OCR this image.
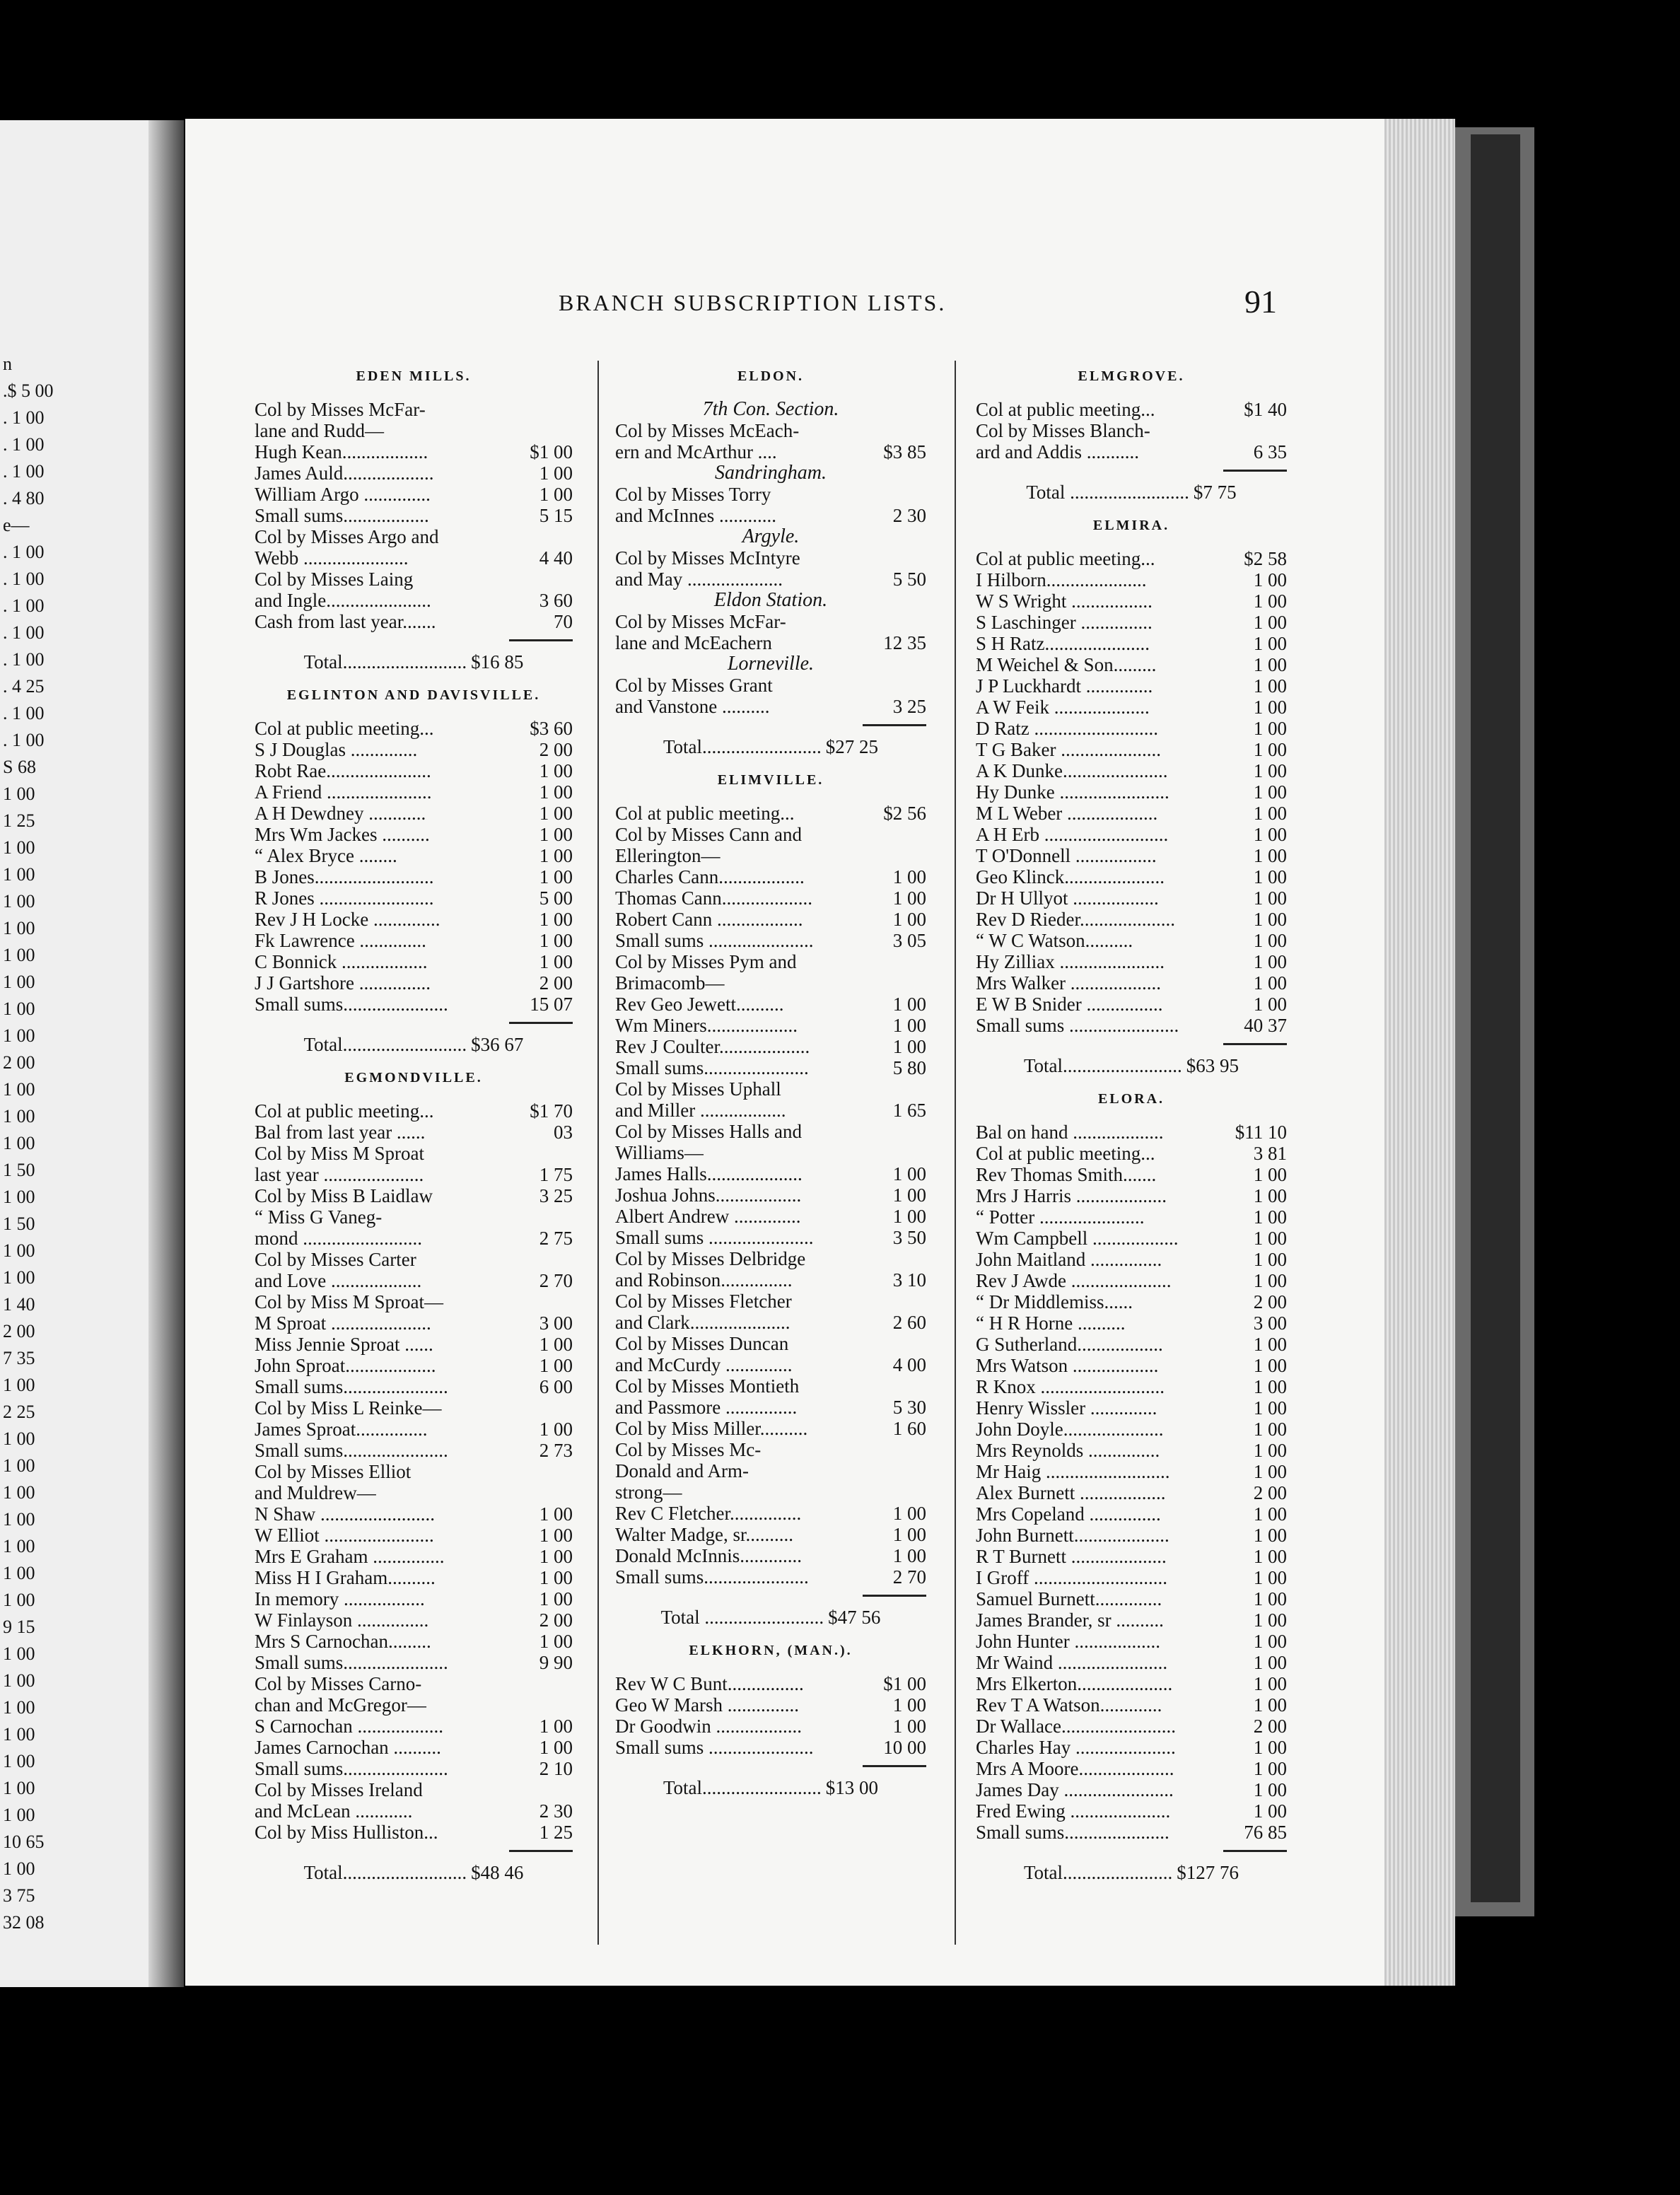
BRANCH SUBSCRIPTION LISTS.	91
EDEN MILLS.
Col by Misses McFar-
lane and Rudd—
Hugh Kean..................	$1 00
James Auld...................	1 00
William Argo ..............	1 00
Small sums..................	5 15
Col by Misses Argo and
Webb ......................	4 40
Col by Misses Laing
and Ingle......................	3 60
Cash from last year.......	70
Total.......................... $16 85
EGLINTON AND DAVISVILLE.
Col at public meeting...	$3 60
S J Douglas ..............	2 00
Robt Rae......................	1 00
A Friend ......................	1 00
A H Dewdney ............	1 00
Mrs Wm Jackes ..........	1 00
“ Alex Bryce ........	1 00
B Jones.........................	1 00
R Jones ........................	5 00
Rev J H Locke ..............	1 00
Fk Lawrence ..............	1 00
C Bonnick ..................	1 00
J J Gartshore ...............	2 00
Small sums......................	15 07
Total.......................... $36 67
EGMONDVILLE.
Col at public meeting...	$1 70
Bal from last year ......	03
Col by Miss M Sproat
last year .....................	1 75
Col by Miss B Laidlaw	3 25
“ Miss G Vaneg-
mond .........................	2 75
Col by Misses Carter
and Love ...................	2 70
Col by Miss M Sproat—
M Sproat .....................	3 00
Miss Jennie Sproat ......	1 00
John Sproat...................	1 00
Small sums......................	6 00
Col by Miss L Reinke—
James Sproat...............	1 00
Small sums......................	2 73
Col by Misses Elliot
and Muldrew—
N Shaw ........................	1 00
W Elliot .......................	1 00
Mrs E Graham ...............	1 00
Miss H I Graham..........	1 00
In memory .................	1 00
W Finlayson ...............	2 00
Mrs S Carnochan.........	1 00
Small sums......................	9 90
Col by Misses Carno-
chan and McGregor—
S Carnochan ..................	1 00
James Carnochan ..........	1 00
Small sums......................	2 10
Col by Misses Ireland
and McLean ............	2 30
Col by Miss Hulliston...	1 25
Total.......................... $48 46
ELDON.
7th Con. Section.
Col by Misses McEach-
ern and McArthur ....	$3 85
Sandringham.
Col by Misses Torry
and McInnes ............	2 30
Argyle.
Col by Misses McIntyre
and May ....................	5 50
Eldon Station.
Col by Misses McFar-
lane and McEachern	12 35
Lorneville.
Col by Misses Grant
and Vanstone ..........	3 25
Total......................... $27 25
ELIMVILLE.
Col at public meeting...	$2 56
Col by Misses Cann and
Ellerington—
Charles Cann..................	1 00
Thomas Cann...................	1 00
Robert Cann ..................	1 00
Small sums ......................	3 05
Col by Misses Pym and
Brimacomb—
Rev Geo Jewett..........	1 00
Wm Miners...................	1 00
Rev J Coulter...................	1 00
Small sums......................	5 80
Col by Misses Uphall
and Miller ..................	1 65
Col by Misses Halls and
Williams—
James Halls....................	1 00
Joshua Johns..................	1 00
Albert Andrew ..............	1 00
Small sums ......................	3 50
Col by Misses Delbridge
and Robinson...............	3 10
Col by Misses Fletcher
and Clark.....................	2 60
Col by Misses Duncan
and McCurdy ..............	4 00
Col by Misses Montieth
and Passmore ...............	5 30
Col by Miss Miller..........	1 60
Col by Misses Mc-
Donald and Arm-
strong—
Rev C Fletcher...............	1 00
Walter Madge, sr..........	1 00
Donald McInnis.............	1 00
Small sums......................	2 70
Total ......................... $47 56
ELKHORN, (MAN.).
Rev W C Bunt................	$1 00
Geo W Marsh ...............	1 00
Dr Goodwin ..................	1 00
Small sums ......................	10 00
Total......................... $13 00
ELMGROVE.
Col at public meeting...	$1 40
Col by Misses Blanch-
ard and Addis ...........	6 35
Total ......................... $7 75
ELMIRA.
Col at public meeting...	$2 58
I Hilborn.....................	1 00
W S Wright .................	1 00
S Laschinger ...............	1 00
S H Ratz......................	1 00
M Weichel & Son.........	1 00
J P Luckhardt ..............	1 00
A W Feik ....................	1 00
D Ratz ..........................	1 00
T G Baker .....................	1 00
A K Dunke......................	1 00
Hy Dunke .......................	1 00
M L Weber ...................	1 00
A H Erb ..........................	1 00
T O'Donnell .................	1 00
Geo Klinck.....................	1 00
Dr H Ullyot ..................	1 00
Rev D Rieder....................	1 00
“ W C Watson..........	1 00
Hy Zilliax ......................	1 00
Mrs Walker ...................	1 00
E W B Snider ................	1 00
Small sums .......................	40 37
Total......................... $63 95
ELORA.
Bal on hand ...................	$11 10
Col at public meeting...	3 81
Rev Thomas Smith.......	1 00
Mrs J Harris ...................	1 00
“ Potter ......................	1 00
Wm Campbell ..................	1 00
John Maitland ...............	1 00
Rev J Awde .....................	1 00
“ Dr Middlemiss......	2 00
“ H R Horne ..........	3 00
G Sutherland..................	1 00
Mrs Watson ..................	1 00
R Knox ..........................	1 00
Henry Wissler ..............	1 00
John Doyle.....................	1 00
Mrs Reynolds ...............	1 00
Mr Haig ..........................	1 00
Alex Burnett ..................	2 00
Mrs Copeland ...............	1 00
John Burnett....................	1 00
R T Burnett ....................	1 00
I Groff ............................	1 00
Samuel Burnett..............	1 00
James Brander, sr ..........	1 00
John Hunter ..................	1 00
Mr Waind .......................	1 00
Mrs Elkerton....................	1 00
Rev T A Watson.............	1 00
Dr Wallace........................	2 00
Charles Hay .....................	1 00
Mrs A Moore....................	1 00
James Day .......................	1 00
Fred Ewing .....................	1 00
Small sums......................	76 85
Total....................... $127 76
n
.$ 5 00
. 1 00
. 1 00
. 1 00
. 4 80
e—
. 1 00
. 1 00
. 1 00
. 1 00
. 1 00
. 4 25
. 1 00
. 1 00
S 68
1 00
1 25
1 00
1 00
1 00
1 00
1 00
1 00
1 00
1 00
2 00
1 00
1 00
1 00
1 50
1 00
1 50
1 00
1 00
1 40
2 00
7 35
1 00
2 25
1 00
1 00
1 00
1 00
1 00
1 00
1 00
9 15
1 00
1 00
1 00
1 00
1 00
1 00
1 00
10 65
1 00
3 75
32 08
